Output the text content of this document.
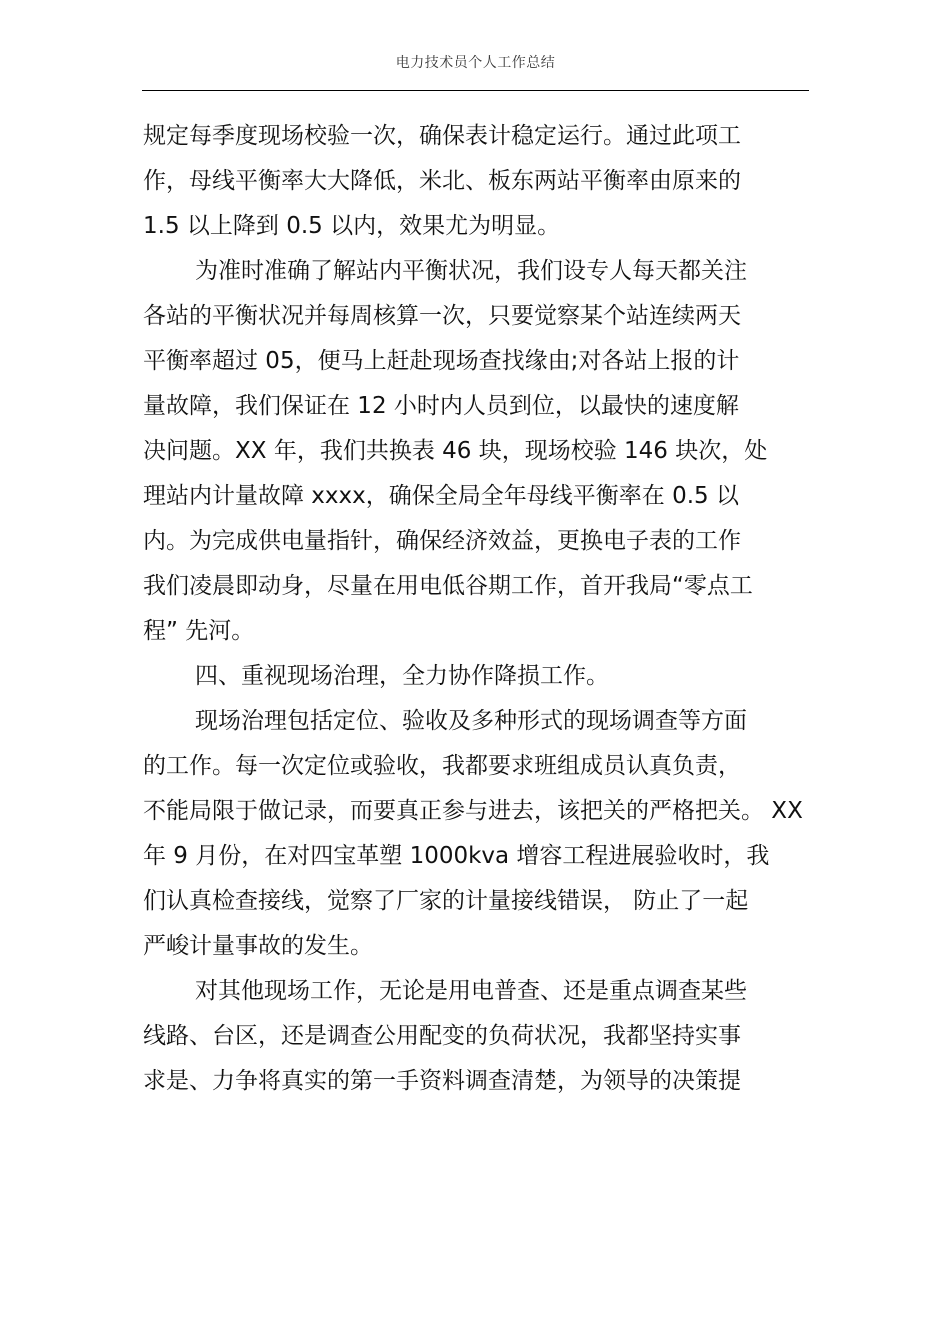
电力技术员个人工作总结
规定每季度现场校验一次，确保表计稳定运行。通过此项工
作，母线平衡率大大降低，米北、板东两站平衡率由原来的
1.5 以上降到 0.5 以内，效果尤为明显。
为准时准确了解站内平衡状况，我们设专人每天都关注
各站的平衡状况并每周核算一次，只要觉察某个站连续两天
平衡率超过 05，便马上赶赴现场查找缘由;对各站上报的计
量故障，我们保证在 12 小时内人员到位，以最快的速度解
决问题。XX 年，我们共换表 46 块，现场校验 146 块次，处
理站内计量故障 xxxx，确保全局全年母线平衡率在 0.5 以
内。为完成供电量指针，确保经济效益，更换电子表的工作
我们凌晨即动身，尽量在用电低谷期工作，首开我局“零点工
程” 先河。
四、重视现场治理，全力协作降损工作。
现场治理包括定位、验收及多种形式的现场调查等方面
的工作。每一次定位或验收，我都要求班组成员认真负责，
不能局限于做记录，而要真正参与进去，该把关的严格把关。 XX
年 9 月份，在对四宝革塑 1000kva 增容工程进展验收时，我
们认真检查接线，觉察了厂家的计量接线错误， 防止了一起
严峻计量事故的发生。
对其他现场工作，无论是用电普查、还是重点调查某些
线路、台区，还是调查公用配变的负荷状况，我都坚持实事
求是、力争将真实的第一手资料调查清楚，为领导的决策提
